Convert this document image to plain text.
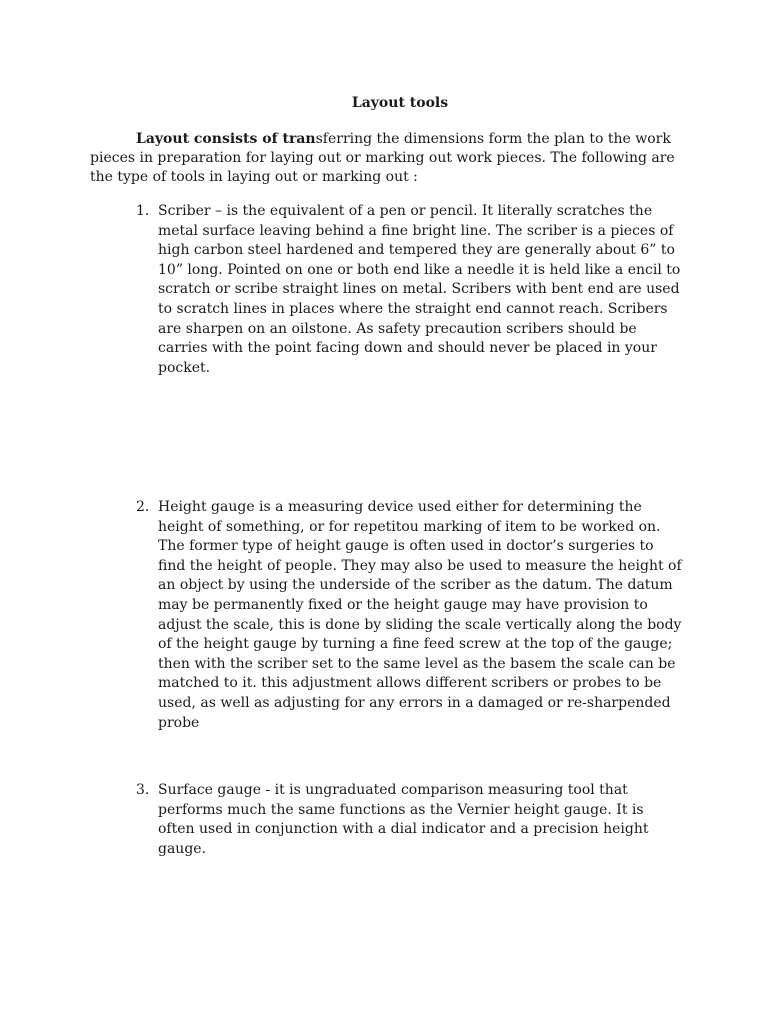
Layout tools
Layout consists of transferring the dimensions form the plan to the work pieces in preparation for laying out or marking out work pieces. The following are the type of tools in laying out or marking out :
1. Scriber – is the equivalent of a pen or pencil. It literally scratches the metal surface leaving behind a fine bright line. The scriber is a pieces of high carbon steel hardened and tempered they are generally about 6” to 10” long. Pointed on one or both end like a needle it is held like a encil to scratch or scribe straight lines on metal. Scribers with bent end are used to scratch lines in places where the straight end cannot reach. Scribers are sharpen on an oilstone. As safety precaution scribers should be carries with the point facing down and should never be placed in your pocket.
2. Height gauge is a measuring device used either for determining the height of something, or for repetitou marking of item to be worked on. The former type of height gauge is often used in doctor’s surgeries to find the height of people. They may also be used to measure the height of an object by using the underside of the scriber as the datum. The datum may be permanently fixed or the height gauge may have provision to adjust the scale, this is done by sliding the scale vertically along the body of the height gauge by turning a fine feed screw at the top of the gauge; then with the scriber set to the same level as the basem the scale can be matched to it. this adjustment allows different scribers or probes to be used, as well as adjusting for any errors in a damaged or re-sharpended probe
3. Surface gauge - it is ungraduated comparison measuring tool that performs much the same functions as the Vernier height gauge. It is often used in conjunction with a dial indicator and a precision height gauge.
